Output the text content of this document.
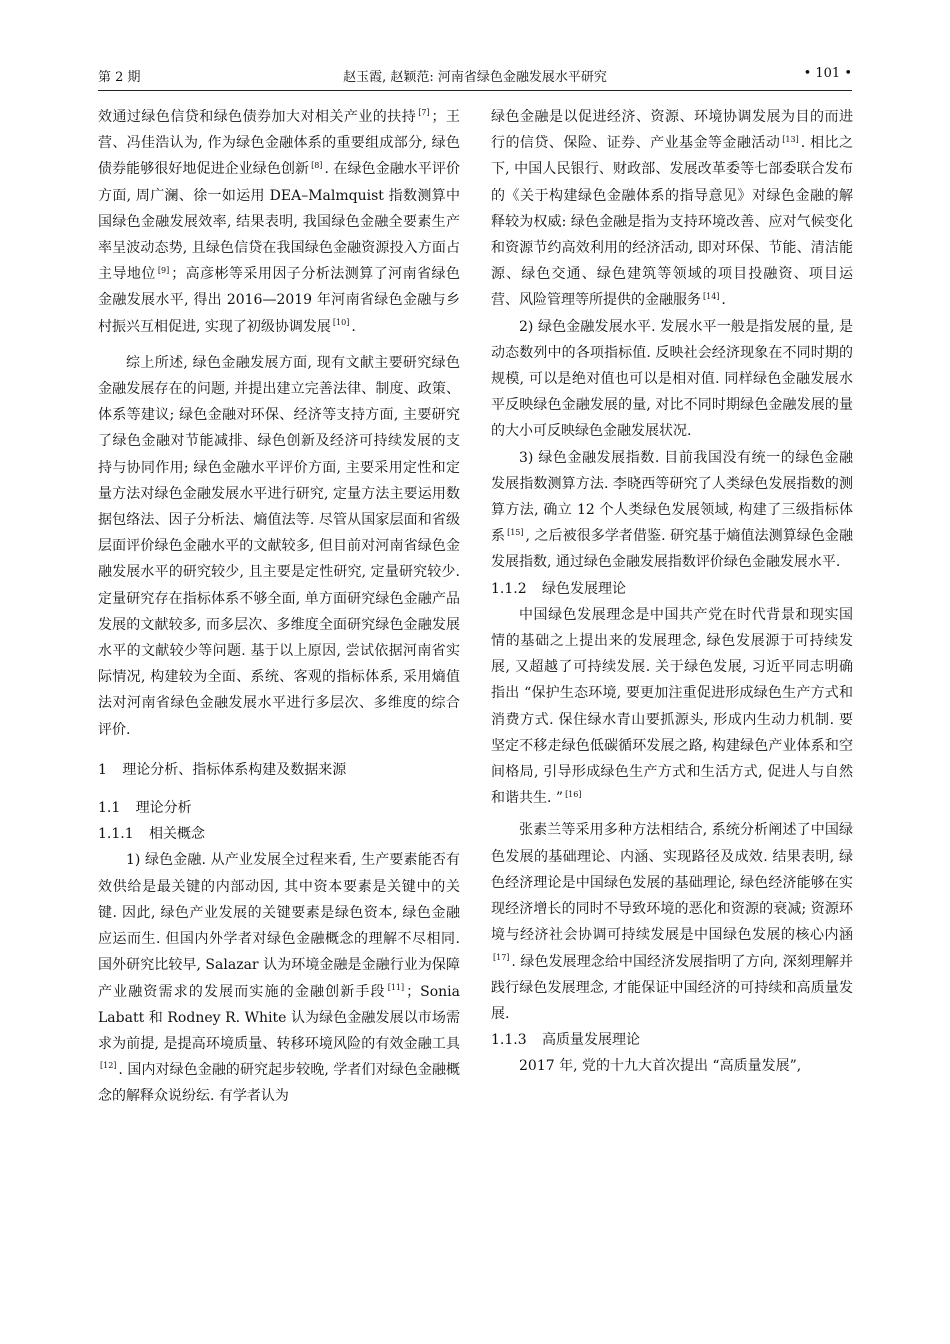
第 2 期	赵玉霞, 赵颖范: 河南省绿色金融发展水平研究	• 101 •

效通过绿色信贷和绿色债券加大对相关产业的扶持 [7] ；王营、冯佳浩认为, 作为绿色金融体系的重要组成部分, 绿色债券能够很好地促进企业绿色创新 [8] . 在绿色金融水平评价方面, 周广澜、徐一如运用 DEA–Malmquist 指数测算中国绿色金融发展效率, 结果表明, 我国绿色金融全要素生产率呈波动态势, 且绿色信贷在我国绿色金融资源投入方面占主导地位 [9] ；高彦彬等采用因子分析法测算了河南省绿色金融发展水平, 得出 2016—2019 年河南省绿色金融与乡村振兴互相促进, 实现了初级协调发展 [10] .

综上所述, 绿色金融发展方面, 现有文献主要研究绿色金融发展存在的问题, 并提出建立完善法律、制度、政策、体系等建议; 绿色金融对环保、经济等支持方面, 主要研究了绿色金融对节能减排、绿色创新及经济可持续发展的支持与协同作用; 绿色金融水平评价方面, 主要采用定性和定量方法对绿色金融发展水平进行研究, 定量方法主要运用数据包络法、因子分析法、熵值法等. 尽管从国家层面和省级层面评价绿色金融水平的文献较多, 但目前对河南省绿色金融发展水平的研究较少, 且主要是定性研究, 定量研究较少. 定量研究存在指标体系不够全面, 单方面研究绿色金融产品发展的文献较多, 而多层次、多维度全面研究绿色金融发展水平的文献较少等问题. 基于以上原因, 尝试依据河南省实际情况, 构建较为全面、系统、客观的指标体系, 采用熵值法对河南省绿色金融发展水平进行多层次、多维度的综合评价.

1 理论分析、指标体系构建及数据来源

1.1 理论分析

1.1.1 相关概念

1) 绿色金融. 从产业发展全过程来看, 生产要素能否有效供给是最关键的内部动因, 其中资本要素是关键中的关键. 因此, 绿色产业发展的关键要素是绿色资本, 绿色金融应运而生. 但国内外学者对绿色金融概念的理解不尽相同. 国外研究比较早, Salazar 认为环境金融是金融行业为保障产业融资需求的发展而实施的金融创新手段 [11] ；Sonia Labatt 和 Rodney R. White 认为绿色金融发展以市场需求为前提, 是提高环境质量、转移环境风险的有效金融工具[12] . 国内对绿色金融的研究起步较晚, 学者们对绿色金融概念的解释众说纷纭. 有学者认为

绿色金融是以促进经济、资源、环境协调发展为目的而进行的信贷、保险、证券、产业基金等金融活动 [13] . 相比之下, 中国人民银行、财政部、发展改革委等七部委联合发布的《关于构建绿色金融体系的指导意见》对绿色金融的解释较为权威: 绿色金融是指为支持环境改善、应对气候变化和资源节约高效利用的经济活动, 即对环保、节能、清洁能源、绿色交通、绿色建筑等领域的项目投融资、项目运营、风险管理等所提供的金融服务 [14] .

2) 绿色金融发展水平. 发展水平一般是指发展的量, 是动态数列中的各项指标值. 反映社会经济现象在不同时期的规模, 可以是绝对值也可以是相对值. 同样绿色金融发展水平反映绿色金融发展的量, 对比不同时期绿色金融发展的量的大小可反映绿色金融发展状况.

3) 绿色金融发展指数. 目前我国没有统一的绿色金融发展指数测算方法. 李晓西等研究了人类绿色发展指数的测算方法, 确立 12 个人类绿色发展领域, 构建了三级指标体系 [15] , 之后被很多学者借鉴. 研究基于熵值法测算绿色金融发展指数, 通过绿色金融发展指数评价绿色金融发展水平.

1.1.2 绿色发展理论

中国绿色发展理念是中国共产党在时代背景和现实国情的基础之上提出来的发展理念, 绿色发展源于可持续发展, 又超越了可持续发展. 关于绿色发展, 习近平同志明确指出 “保护生态环境, 要更加注重促进形成绿色生产方式和消费方式. 保住绿水青山要抓源头, 形成内生动力机制. 要坚定不移走绿色低碳循环发展之路, 构建绿色产业体系和空间格局, 引导形成绿色生产方式和生活方式, 促进人与自然和谐共生. ” [16]

张素兰等采用多种方法相结合, 系统分析阐述了中国绿色发展的基础理论、内涵、实现路径及成效. 结果表明, 绿色经济理论是中国绿色发展的基础理论, 绿色经济能够在实现经济增长的同时不导致环境的恶化和资源的衰减; 资源环境与经济社会协调可持续发展是中国绿色发展的核心内涵[17] . 绿色发展理念给中国经济发展指明了方向, 深刻理解并践行绿色发展理念, 才能保证中国经济的可持续和高质量发展.

1.1.3 高质量发展理论

2017 年, 党的十九大首次提出 “高质量发展”,
